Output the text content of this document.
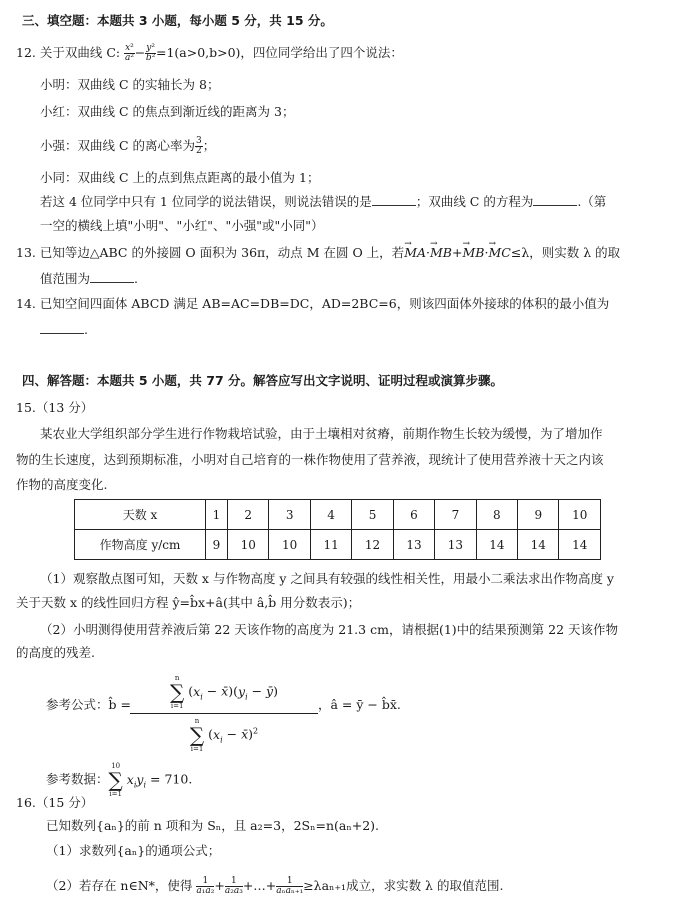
三、填空题：本题共 3 小题，每小题 5 分，共 15 分。
12. 关于双曲线 C: $\frac{\text{x²}}{\text{a²}} - \frac{\text{y²}}{\text{b²}} =1(a>0,b>0)$，四位同学给出了四个说法：
小明：双曲线 C 的实轴长为 8；
小红：双曲线 C 的焦点到渐近线的距离为 3；
小强：双曲线 C 的离心率为 $\frac{3}{2}$ ；
小同：双曲线 C 上的点到焦点距离的最小值为 1；
若这 4 位同学中只有 1 位同学的说法错误，则说法错误的是	；双曲线 C 的方程为	.（第
一空的横线上填"小明"、"小红"、"小强"或"小同"）
13. 已知等边△ABC 的外接圆 O 面积为 36π，动点 M 在圆 O 上，若→ MA·→ MB+→ MB·→ MC≤λ，则实数 λ 的取
值范围为	.
14. 已知空间四面体 ABCD 满足 AB=AC=DB=DC，AD=2BC=6，则该四面体外接球的体积的最小值为
.
四、解答题：本题共 5 小题，共 77 分。解答应写出文字说明、证明过程或演算步骤。
15.（13 分）
某农业大学组织部分学生进行作物栽培试验，由于土壤相对贫瘠，前期作物生长较为缓慢，为了增加作
物的生长速度，达到预期标准，小明对自己培育的一株作物使用了营养液，现统计了使用营养液十天之内该
作物的高度变化.
天数 x	1	2	3	4	5	6	7	8	9	10
作物高度 y/cm	9	10	10	11	12	13	13	14	14	14
（1）观察散点图可知，天数 x 与作物高度 y 之间具有较强的线性相关性，用最小二乘法求出作物高度 y
关于天数 x 的线性回归方程 ŷ=b̂x+â(其中 â,b̂ 用分数表示)；
（2）小明测得使用营养液后第 22 天该作物的高度为 21.3 cm，请根据(1)中的结果预测第 22 天该作物
的高度的残差.
参考公式：b̂ = n
∑
i=1
($x_i$ − $x̄)(y_i$ − ȳ)
n
∑
i=1
($x_i$ − x̄)$^2$ ，â = ȳ − b̂x̄.
参考数据：
10
∑
i=1
$x_iy_i = 710$.
16.（15 分）
已知数列{aₙ}的前 n 项和为 Sₙ，且 a₂=3，2Sₙ=n(aₙ+2).
（1）求数列{aₙ}的通项公式；
（2）若存在 n∈N*，使得 $\frac{1}{\text{a₁a₂}} + \frac{1}{\text{a₂a₃}}$ +…+ $\frac{1}{\text{aₙaₙ₊₁}} \ge\lambda a_{n+1}$成立，求实数 λ 的取值范围.
